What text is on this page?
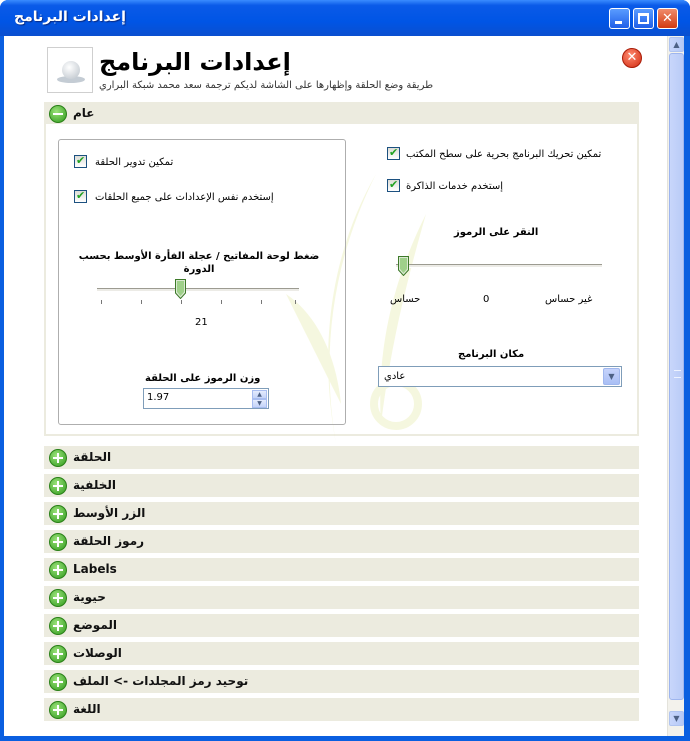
إعدادات البرنامج	✕
إعدادات البرنامج
طريقة وضع الحلقة وإظهارها على الشاشة لديكم ترجمة سعد محمد شبكة البراري
✕
عام
✔ تمكين تدوير الحلقة
✔ إستخدم نفس الإعدادات على جميع الحلقات
ضغط لوحة المفاتيح / عجلة الفأرة الأوسط بحسب الدورة
21
وزن الرموز على الحلقة
1.97	▲
▼
✔ تمكين تحريك البرنامج بحرية على سطح المكتب
✔ إستخدم خدمات الذاكرة
النقر على الرموز
حساس	0	غير حساس
مكان البرنامج
عادي	▼
الحلقة
الخلفية
الزر الأوسط
رموز الحلقة
Labels
حيوية
الموضع
الوصلات
توحيد رمز المجلدات -> الملف
اللغة
▲
▼
